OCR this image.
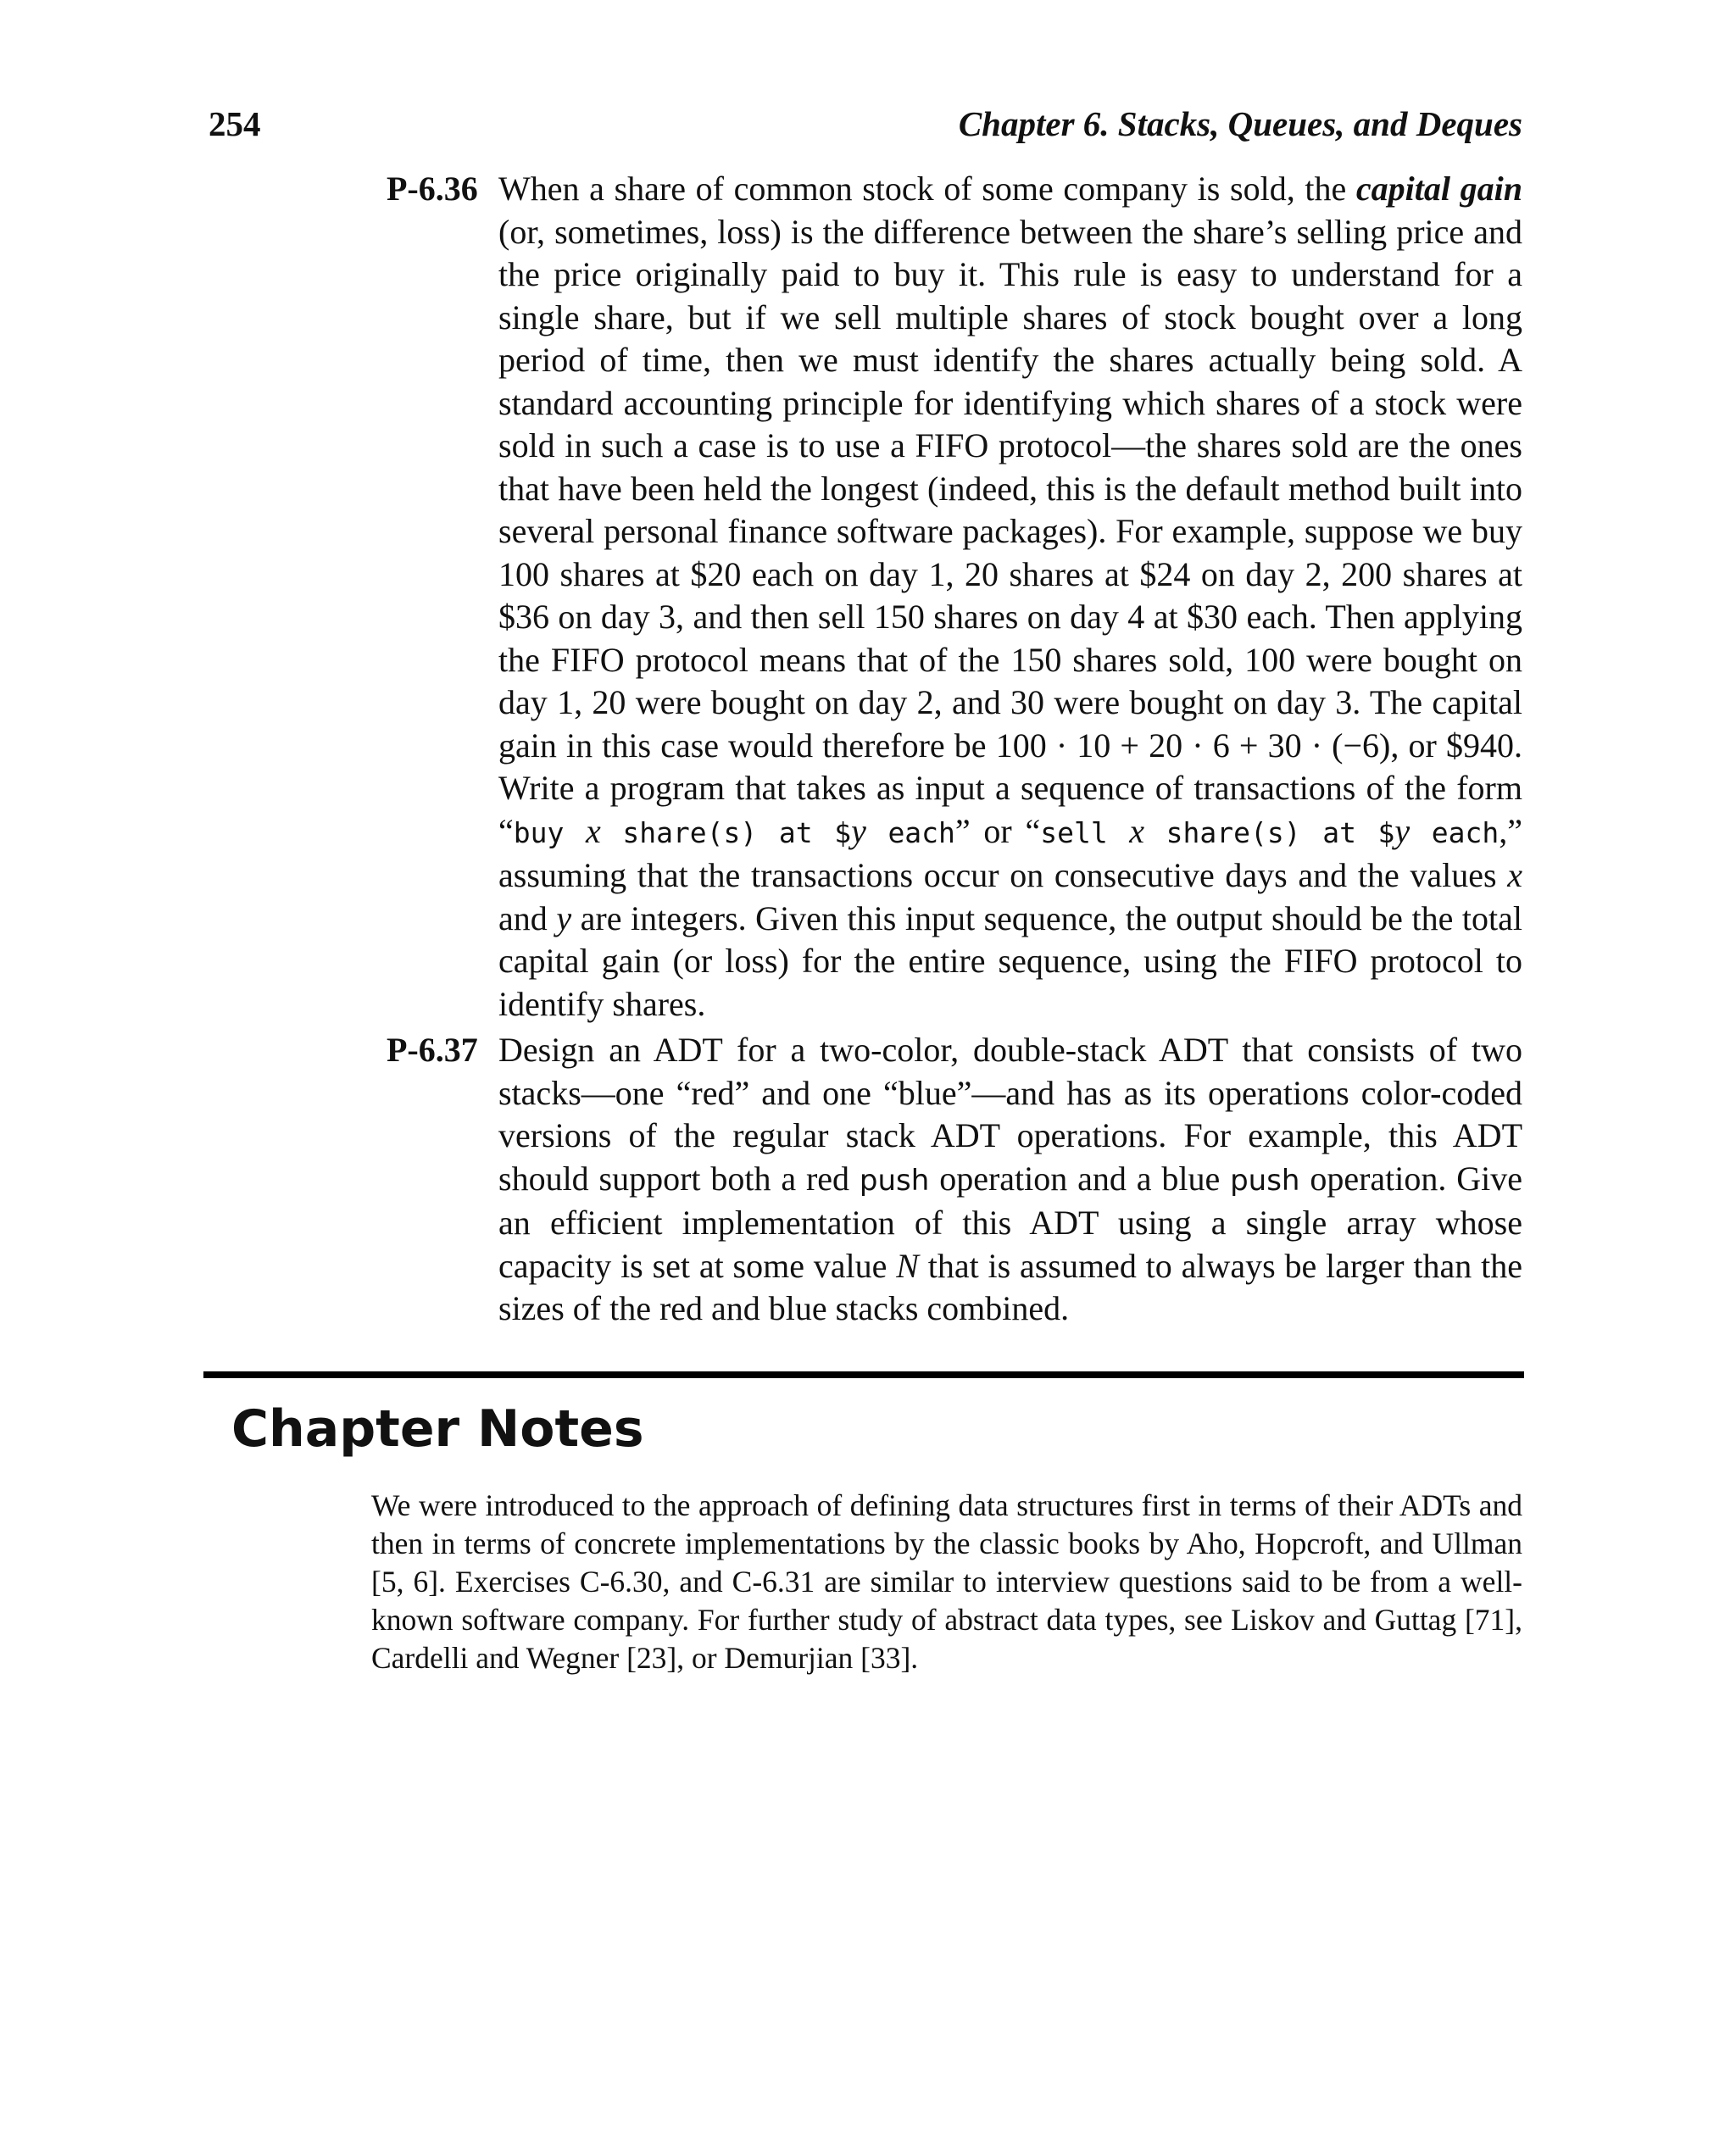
254	Chapter 6. Stacks, Queues, and Deques
P-6.36 When a share of common stock of some company is sold, the capital gain (or, sometimes, loss) is the difference between the share’s selling price and the price originally paid to buy it. This rule is easy to understand for a single share, but if we sell multiple shares of stock bought over a long period of time, then we must identify the shares actually being sold. A standard accounting principle for identifying which shares of a stock were sold in such a case is to use a FIFO protocol—the shares sold are the ones that have been held the longest (indeed, this is the default method built into several personal finance software packages). For example, suppose we buy 100 shares at $20 each on day 1, 20 shares at $24 on day 2, 200 shares at $36 on day 3, and then sell 150 shares on day 4 at $30 each. Then applying the FIFO protocol means that of the 150 shares sold, 100 were bought on day 1, 20 were bought on day 2, and 30 were bought on day 3. The capital gain in this case would therefore be 100 · 10 + 20 · 6 + 30 · (−6), or $940. Write a program that takes as input a sequence of transactions of the form “buy x share(s) at $y each” or “sell x share(s) at $y each,” assuming that the transactions occur on consecutive days and the values x and y are integers. Given this input sequence, the output should be the total capital gain (or loss) for the entire sequence, using the FIFO protocol to identify shares.
P-6.37 Design an ADT for a two-color, double-stack ADT that consists of two stacks—one “red” and one “blue”—and has as its operations color-coded versions of the regular stack ADT operations. For example, this ADT should support both a red push operation and a blue push operation. Give an efficient implementation of this ADT using a single array whose capacity is set at some value N that is assumed to always be larger than the sizes of the red and blue stacks combined.
Chapter Notes
We were introduced to the approach of defining data structures first in terms of their ADTs and then in terms of concrete implementations by the classic books by Aho, Hopcroft, and Ullman [5, 6]. Exercises C-6.30, and C-6.31 are similar to interview questions said to be from a well-known software company. For further study of abstract data types, see Liskov and Guttag [71], Cardelli and Wegner [23], or Demurjian [33].
